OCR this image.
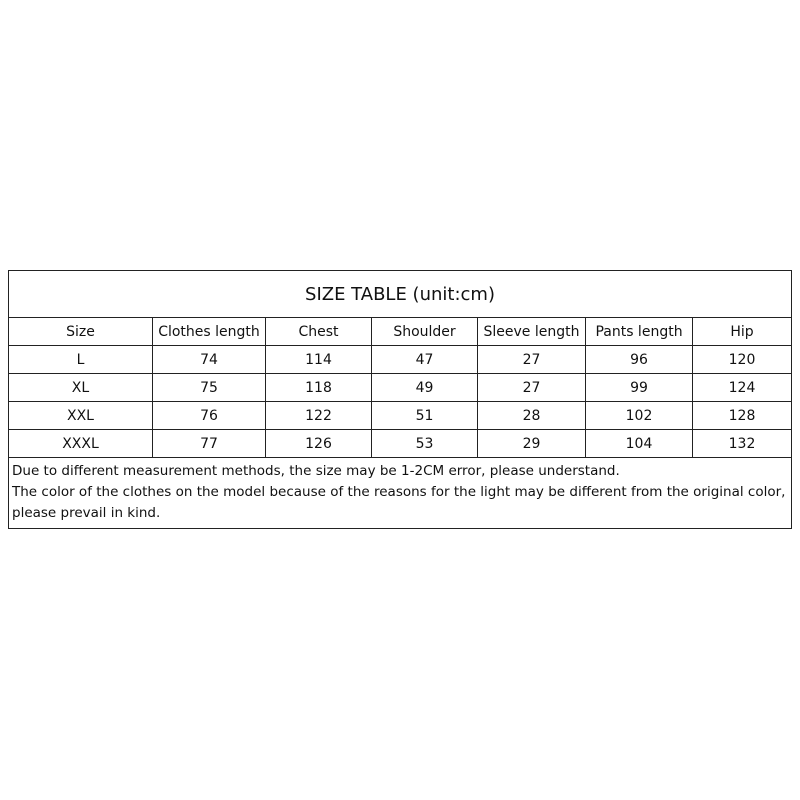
SIZE TABLE (unit:cm)						
Size	Clothes length	Chest	Shoulder	Sleeve length	Pants length	Hip
L	74	114	47	27	96	120
XL	75	118	49	27	99	124
XXL	76	122	51	28	102	128
XXXL	77	126	53	29	104	132

Due to different measurement methods, the size may be 1-2CM error, please understand.
The color of the clothes on the model because of the reasons for the light may be different from the original color,
please prevail in kind.						
